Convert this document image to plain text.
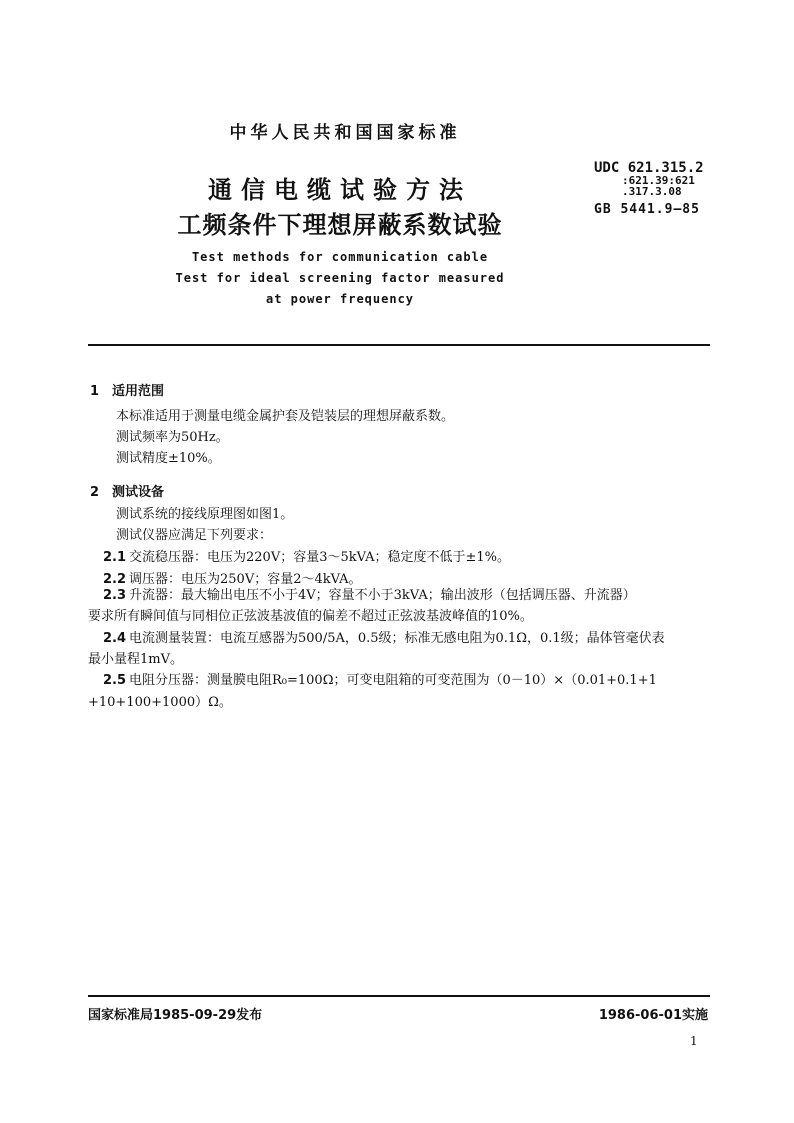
中华人民共和国国家标准
通信电缆试验方法
工频条件下理想屏蔽系数试验
UDC 621.315.2
:621.39:621
.317.3.08
GB 5441.9—85
Test methods for communication cable
Test for ideal screening factor measured
at power frequency
1 适用范围
本标准适用于测量电缆金属护套及铠装层的理想屏蔽系数。
测试频率为50Hz。
测试精度±10%。
2 测试设备
测试系统的接线原理图如图1。
测试仪器应满足下列要求：
2.1 交流稳压器：电压为220V；容量3～5kVA；稳定度不低于±1%。
2.2 调压器：电压为250V；容量2～4kVA。
2.3 升流器：最大输出电压不小于4V；容量不小于3kVA；输出波形（包括调压器、升流器）
要求所有瞬间值与同相位正弦波基波值的偏差不超过正弦波基波峰值的10%。
2.4 电流测量装置：电流互感器为500/5A，0.5级；标准无感电阻为0.1Ω，0.1级；晶体管毫伏表
最小量程1mV。
2.5 电阻分压器：测量膜电阻R₀=100Ω；可变电阻箱的可变范围为（0－10）×（0.01+0.1+1
+10+100+1000）Ω。
国家标准局1985-09-29发布	1986-06-01实施
1
